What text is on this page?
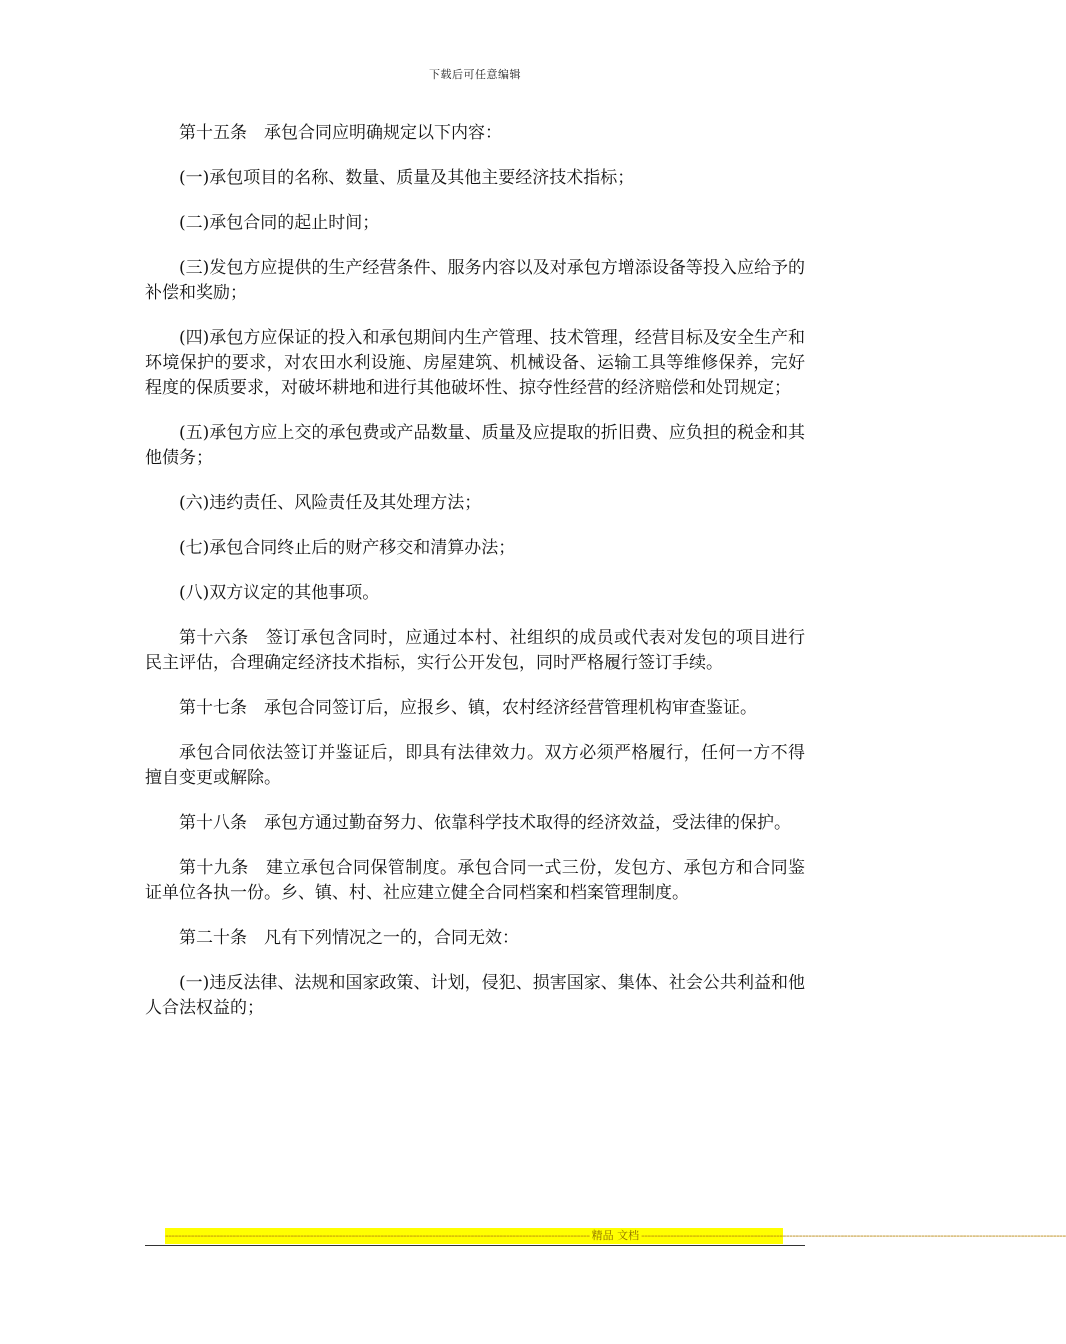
下载后可任意编辑

第十五条　承包合同应明确规定以下内容：

(一)承包项目的名称、数量、质量及其他主要经济技术指标；

(二)承包合同的起止时间；

(三)发包方应提供的生产经营条件、服务内容以及对承包方增添设备等投入应给予的补偿和奖励；

(四)承包方应保证的投入和承包期间内生产管理、技术管理，经营目标及安全生产和环境保护的要求，对农田水利设施、房屋建筑、机械设备、运输工具等维修保养，完好程度的保质要求，对破坏耕地和进行其他破坏性、掠夺性经营的经济赔偿和处罚规定；

(五)承包方应上交的承包费或产品数量、质量及应提取的折旧费、应负担的税金和其他债务；

(六)违约责任、风险责任及其处理方法；

(七)承包合同终止后的财产移交和清算办法；

(八)双方议定的其他事项。

第十六条　签订承包含同时，应通过本村、社组织的成员或代表对发包的项目进行民主评估，合理确定经济技术指标，实行公开发包，同时严格履行签订手续。

第十七条　承包合同签订后，应报乡、镇，农村经济经营管理机构审查鉴证。

承包合同依法签订并鉴证后，即具有法律效力。双方必须严格履行，任何一方不得擅自变更或解除。

第十八条　承包方通过勤奋努力、依靠科学技术取得的经济效益，受法律的保护。

第十九条　建立承包合同保管制度。承包合同一式三份，发包方、承包方和合同鉴证单位各执一份。乡、镇、村、社应建立健全合同档案和档案管理制度。

第二十条　凡有下列情况之一的，合同无效：

(一)违反法律、法规和国家政策、计划，侵犯、损害国家、集体、社会公共利益和他人合法权益的；

------------------------------------------------------------------------------------------------------------------------------------ 精品 文档 ------------------------------------------------------------------------------------------------------------------------------------
